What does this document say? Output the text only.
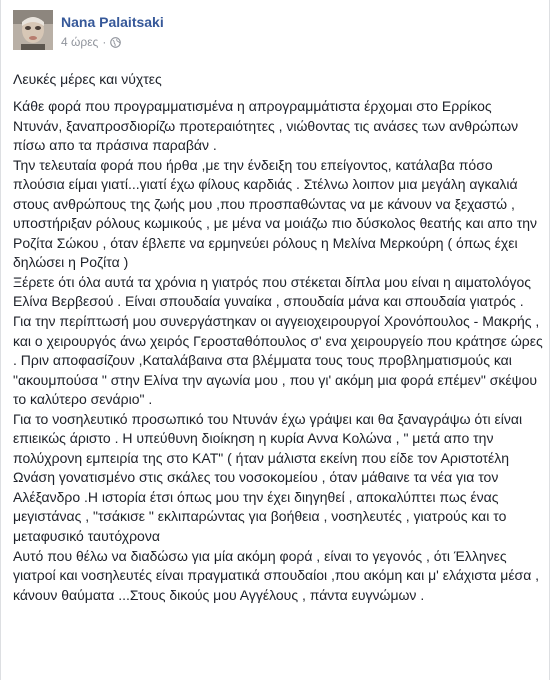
Nana Palaitsaki
4 ώρες ·
Λευκές μέρες και νύχτες

Κάθε φορά που προγραμματισμένα η απρογραμμάτιστα έρχομαι στο Ερρίκος Ντυνάν, ξαναπροσδιορίζω προτεραιότητες , νιώθοντας τις ανάσες των ανθρώπων πίσω απο τα πράσινα παραβάν .

Την τελευταία φορά που ήρθα ,με την ένδειξη του επείγοντος, κατάλαβα πόσο πλούσια είμαι γιατί...γιατί έχω φίλους καρδιάς . Στέλνω λοιπον μια μεγάλη αγκαλιά στους ανθρώπους της ζωής μου ,που προσπαθώντας να με κάνουν να ξεχαστώ , υποστήριξαν ρόλους κωμικούς , με μένα να μοιάζω πιο δύσκολος θεατής και απο την Ροζίτα Σώκου , όταν έβλεπε να ερμηνεύει ρόλους η Μελίνα Μερκούρη ( όπως έχει δηλώσει η Ροζίτα )

Ξέρετε ότι όλα αυτά τα χρόνια η γιατρός που στέκεται δίπλα μου είναι η αιματολόγος Ελίνα Βερβεσού . Είναι σπουδαία γυναίκα , σπουδαία μάνα και σπουδαία γιατρός . Για την περίπτωσή μου συνεργάστηκαν οι αγγειοχειρουργοί Χρονόπουλος - Μακρής , και ο χειρουργός άνω χειρός Γεροσταθόπουλος σ' ενα χειρουργείο που κράτησε ώρες . Πριν αποφασίζουν ,Καταλάβαινα στα βλέμματα τους τους προβληματισμούς και "ακουμπούσα " στην Ελίνα την αγωνία μου , που γι' ακόμη μια φορά επέμεν" σκέψου το καλύτερο σενάριο" .

Για το νοσηλευτικό προσωπικό του Ντυνάν έχω γράψει και θα ξαναγράψω ότι είναι επιεικώς άριστο . Η υπεύθυνη διοίκηση η κυρία Αννα Κολώνα , " μετά απο την πολύχρονη εμπειρία της στο ΚΑΤ" ( ήταν μάλιστα εκείνη που είδε τον Αριστοτέλη Ωνάση γονατισμένο στις σκάλες του νοσοκομείου , όταν μάθαινε τα νέα για τον Αλέξανδρο .Η ιστορία έτσι όπως μου την έχει διηγηθεί , αποκαλύπτει πως ένας μεγιστάνας , "τσάκισε " εκλιπαρώντας για βοήθεια , νοσηλευτές , γιατρούς και το μεταφυσικό ταυτόχρονα

Αυτό που θέλω να διαδώσω για μία ακόμη φορά , είναι το γεγονός , ότι Έλληνες γιατροί και νοσηλευτές είναι πραγματικά σπουδαίοι ,που ακόμη και μ' ελάχιστα μέσα , κάνουν θαύματα ...Στους δικούς μου Αγγέλους , πάντα ευγνώμων .
